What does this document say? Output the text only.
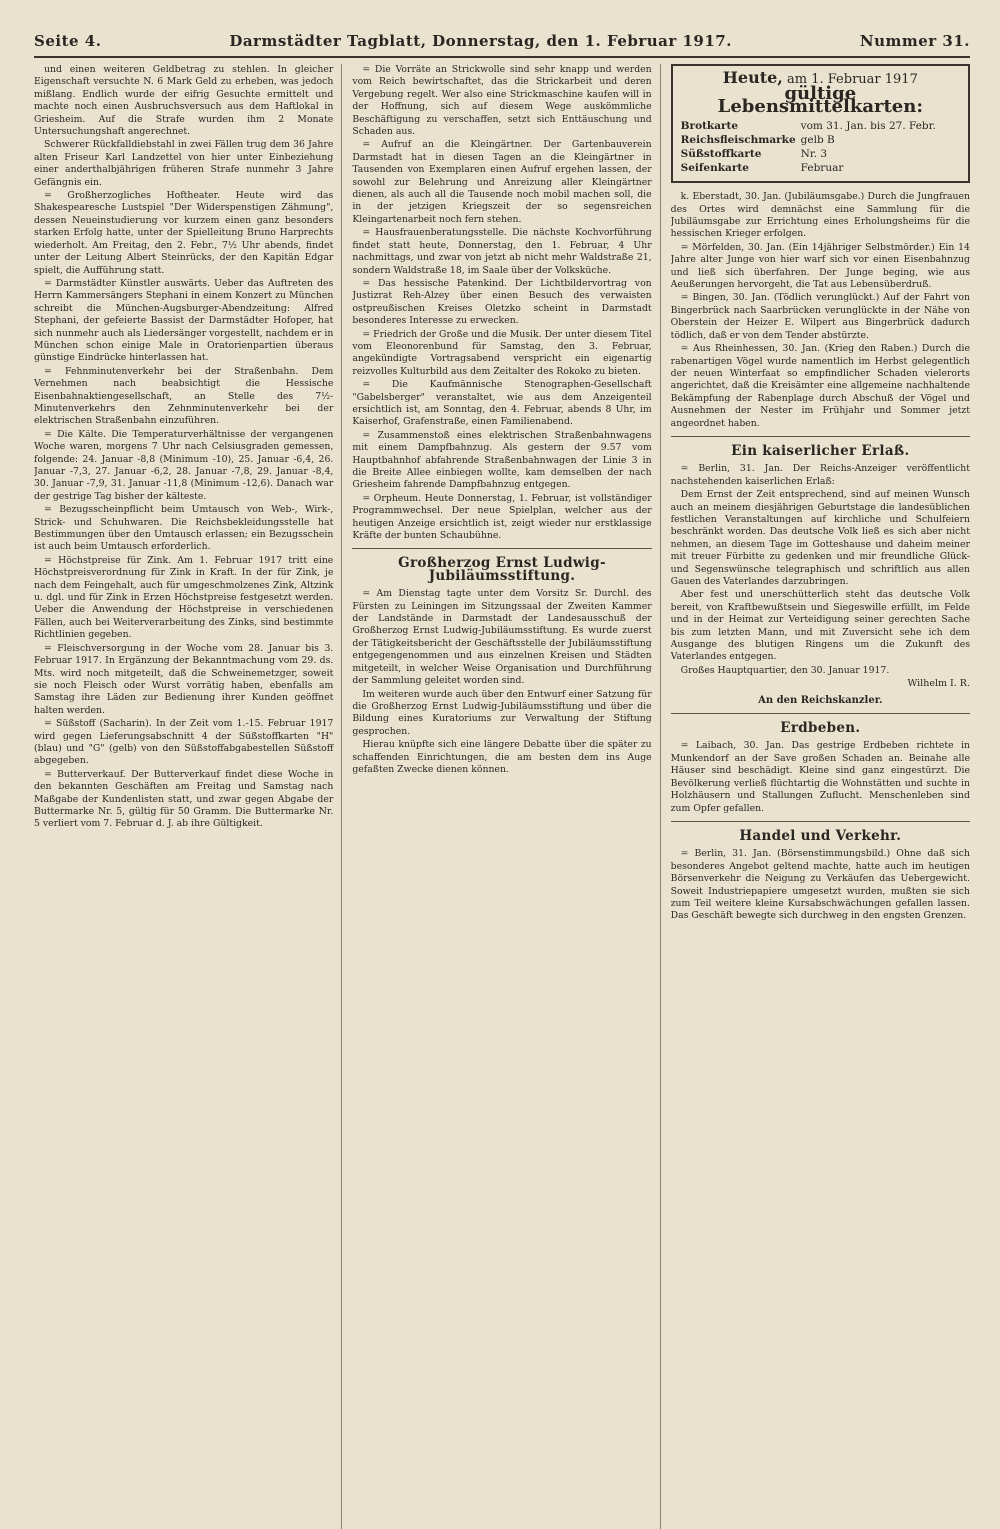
Seite 4.	Darmstädter Tagblatt, Donnerstag, den 1. Februar 1917.	Nummer 31.

und einen weiteren Geldbetrag zu stehlen. In gleicher Eigenschaft versuchte N. 6 Mark Geld zu erheben, was jedoch mißlang. Endlich wurde der eifrig Gesuchte ermittelt und machte noch einen Ausbruchsversuch aus dem Haftlokal in Griesheim. Auf die Strafe wurden ihm 2 Monate Untersuchungshaft angerechnet.

Schwerer Rückfalldiebstahl in zwei Fällen trug dem 36 Jahre alten Friseur Karl Landzettel von hier unter Einbeziehung einer anderthalbjährigen früheren Strafe nunmehr 3 Jahre Gefängnis ein.

= Großherzogliches Hoftheater. Heute wird das Shakespearesche Lustspiel "Der Widerspenstigen Zähmung", dessen Neueinstudierung vor kurzem einen ganz besonders starken Erfolg hatte, unter der Spielleitung Bruno Harprechts wiederholt. Am Freitag, den 2. Febr., 7½ Uhr abends, findet unter der Leitung Albert Steinrücks, der den Kapitän Edgar spielt, die Aufführung statt.

= Darmstädter Künstler auswärts. Ueber das Auftreten des Herrn Kammersängers Stephani in einem Konzert zu München schreibt die München-Augsburger-Abendzeitung: Alfred Stephani, der gefeierte Bassist der Darmstädter Hofoper, hat sich nunmehr auch als Liedersänger vorgestellt, nachdem er in München schon einige Male in Oratorienpartien überaus günstige Eindrücke hinterlassen hat.

= Fehnminutenverkehr bei der Straßenbahn. Dem Vernehmen nach beabsichtigt die Hessische Eisenbahnaktiengesellschaft, an Stelle des 7½-Minutenverkehrs den Zehnminutenverkehr bei der elektrischen Straßenbahn einzuführen.

= Die Kälte. Die Temperaturverhältnisse der vergangenen Woche waren, morgens 7 Uhr nach Celsiusgraden gemessen, folgende: 24. Januar -8,8 (Minimum -10), 25. Januar -6,4, 26. Januar -7,3, 27. Januar -6,2, 28. Januar -7,8, 29. Januar -8,4, 30. Januar -7,9, 31. Januar -11,8 (Minimum -12,6). Danach war der gestrige Tag bisher der kälteste.

= Bezugsscheinpflicht beim Umtausch von Web-, Wirk-, Strick- und Schuhwaren. Die Reichsbekleidungsstelle hat Bestimmungen über den Umtausch erlassen; ein Bezugsschein ist auch beim Umtausch erforderlich.

= Höchstpreise für Zink. Am 1. Februar 1917 tritt eine Höchstpreisverordnung für Zink in Kraft. In der für Zink, je nach dem Feingehalt, auch für umgeschmolzenes Zink, Altzink u. dgl. und für Zink in Erzen Höchstpreise festgesetzt werden. Ueber die Anwendung der Höchstpreise in verschiedenen Fällen, auch bei Weiterverarbeitung des Zinks, sind bestimmte Richtlinien gegeben.

= Fleischversorgung in der Woche vom 28. Januar bis 3. Februar 1917. In Ergänzung der Bekanntmachung vom 29. ds. Mts. wird noch mitgeteilt, daß die Schweinemetzger, soweit sie noch Fleisch oder Wurst vorrätig haben, ebenfalls am Samstag ihre Läden zur Bedienung ihrer Kunden geöffnet halten werden.

= Süßstoff (Sacharin). In der Zeit vom 1.-15. Februar 1917 wird gegen Lieferungsabschnitt 4 der Süßstoffkarten "H" (blau) und "G" (gelb) von den Süßstoffabgabestellen Süßstoff abgegeben.

= Butterverkauf. Der Butterverkauf findet diese Woche in den bekannten Geschäften am Freitag und Samstag nach Maßgabe der Kundenlisten statt, und zwar gegen Abgabe der Buttermarke Nr. 5, gültig für 50 Gramm. Die Buttermarke Nr. 5 verliert vom 7. Februar d. J. ab ihre Gültigkeit.

= Die Vorräte an Strickwolle sind sehr knapp und werden vom Reich bewirtschaftet, das die Strickarbeit und deren Vergebung regelt. Wer also eine Strickmaschine kaufen will in der Hoffnung, sich auf diesem Wege auskömmliche Beschäftigung zu verschaffen, setzt sich Enttäuschung und Schaden aus.

= Aufruf an die Kleingärtner. Der Gartenbauverein Darmstadt hat in diesen Tagen an die Kleingärtner in Tausenden von Exemplaren einen Aufruf ergehen lassen, der sowohl zur Belehrung und Anreizung aller Kleingärtner dienen, als auch all die Tausende noch mobil machen soll, die in der jetzigen Kriegszeit der so segensreichen Kleingartenarbeit noch fern stehen.

= Hausfrauenberatungsstelle. Die nächste Kochvorführung findet statt heute, Donnerstag, den 1. Februar, 4 Uhr nachmittags, und zwar von jetzt ab nicht mehr Waldstraße 21, sondern Waldstraße 18, im Saale über der Volksküche.

= Das hessische Patenkind. Der Lichtbildervortrag von Justizrat Reh-Alzey über einen Besuch des verwaisten ostpreußischen Kreises Oletzko scheint in Darmstadt besonderes Interesse zu erwecken.

= Friedrich der Große und die Musik. Der unter diesem Titel vom Eleonorenbund für Samstag, den 3. Februar, angekündigte Vortragsabend verspricht ein eigenartig reizvolles Kulturbild aus dem Zeitalter des Rokoko zu bieten.

= Die Kaufmännische Stenographen-Gesellschaft "Gabelsberger" veranstaltet, wie aus dem Anzeigenteil ersichtlich ist, am Sonntag, den 4. Februar, abends 8 Uhr, im Kaiserhof, Grafenstraße, einen Familienabend.

= Zusammenstoß eines elektrischen Straßenbahnwagens mit einem Dampfbahnzug. Als gestern der 9.57 vom Hauptbahnhof abfahrende Straßenbahnwagen der Linie 3 in die Breite Allee einbiegen wollte, kam demselben der nach Griesheim fahrende Dampfbahnzug entgegen.

= Orpheum. Heute Donnerstag, 1. Februar, ist vollständiger Programmwechsel. Der neue Spielplan, welcher aus der heutigen Anzeige ersichtlich ist, zeigt wieder nur erstklassige Kräfte der bunten Schaubühne.

Großherzog Ernst Ludwig-Jubiläumsstiftung.

= Am Dienstag tagte unter dem Vorsitz Sr. Durchl. des Fürsten zu Leiningen im Sitzungssaal der Zweiten Kammer der Landstände in Darmstadt der Landesausschuß der Großherzog Ernst Ludwig-Jubiläumsstiftung. Es wurde zuerst der Tätigkeitsbericht der Geschäftsstelle der Jubiläumsstiftung entgegengenommen und aus einzelnen Kreisen und Städten mitgeteilt, in welcher Weise Organisation und Durchführung der Sammlung geleitet worden sind.

Im weiteren wurde auch über den Entwurf einer Satzung für die Großherzog Ernst Ludwig-Jubiläumsstiftung und über die Bildung eines Kuratoriums zur Verwaltung der Stiftung gesprochen.

Hierau knüpfte sich eine längere Debatte über die später zu schaffenden Einrichtungen, die am besten dem ins Auge gefaßten Zwecke dienen können.

Heute, am 1. Februar 1917
gültige Lebensmittelkarten:
Brotkarte	vom 31. Jan. bis 27. Febr.
Reichsfleischmarke gelb B
Süßstoffkarte	Nr. 3
Seifenkarte	Februar

k. Eberstadt, 30. Jan. (Jubiläumsgabe.) Durch die Jungfrauen des Ortes wird demnächst eine Sammlung für die Jubiläumsgabe zur Errichtung eines Erholungsheims für die hessischen Krieger erfolgen.

= Mörfelden, 30. Jan. (Ein 14jähriger Selbstmörder.) Ein 14 Jahre alter Junge von hier warf sich vor einen Eisenbahnzug und ließ sich überfahren. Der Junge beging, wie aus Aeußerungen hervorgeht, die Tat aus Lebensüberdruß.

= Bingen, 30. Jan. (Tödlich verunglückt.) Auf der Fahrt von Bingerbrück nach Saarbrücken verunglückte in der Nähe von Oberstein der Heizer E. Wilpert aus Bingerbrück dadurch tödlich, daß er von dem Tender abstürzte.

= Aus Rheinhessen, 30. Jan. (Krieg den Raben.) Durch die rabenartigen Vögel wurde namentlich im Herbst gelegentlich der neuen Winterfaat so empfindlicher Schaden vielerorts angerichtet, daß die Kreisämter eine allgemeine nachhaltende Bekämpfung der Rabenplage durch Abschuß der Vögel und Ausnehmen der Nester im Frühjahr und Sommer jetzt angeordnet haben.

Ein kaiserlicher Erlaß.

= Berlin, 31. Jan. Der Reichs-Anzeiger veröffentlicht nachstehenden kaiserlichen Erlaß:

Dem Ernst der Zeit entsprechend, sind auf meinen Wunsch auch an meinem diesjährigen Geburtstage die landesüblichen festlichen Veranstaltungen auf kirchliche und Schulfeiern beschränkt worden. Das deutsche Volk ließ es sich aber nicht nehmen, an diesem Tage im Gotteshause und daheim meiner mit treuer Fürbitte zu gedenken und mir freundliche Glück- und Segenswünsche telegraphisch und schriftlich aus allen Gauen des Vaterlandes darzubringen.

Aber fest und unerschütterlich steht das deutsche Volk bereit, von Kraftbewußtsein und Siegeswille erfüllt, im Felde und in der Heimat zur Verteidigung seiner gerechten Sache bis zum letzten Mann, und mit Zuversicht sehe ich dem Ausgange des blutigen Ringens um die Zukunft des Vaterlandes entgegen.

Großes Hauptquartier, den 30. Januar 1917.

Wilhelm I. R.
An den Reichskanzler.
Erdbeben.

= Laibach, 30. Jan. Das gestrige Erdbeben richtete in Munkendorf an der Save großen Schaden an. Beinahe alle Häuser sind beschädigt. Kleine sind ganz eingestürzt. Die Bevölkerung verließ flüchtartig die Wohnstätten und suchte in Holzhäusern und Stallungen Zuflucht. Menschenleben sind zum Opfer gefallen.

Handel und Verkehr.

= Berlin, 31. Jan. (Börsenstimmungsbild.) Ohne daß sich besonderes Angebot geltend machte, hatte auch im heutigen Börsenverkehr die Neigung zu Verkäufen das Uebergewicht. Soweit Industriepapiere umgesetzt wurden, mußten sie sich zum Teil weitere kleine Kursabschwächungen gefallen lassen. Das Geschäft bewegte sich durchweg in den engsten Grenzen.
